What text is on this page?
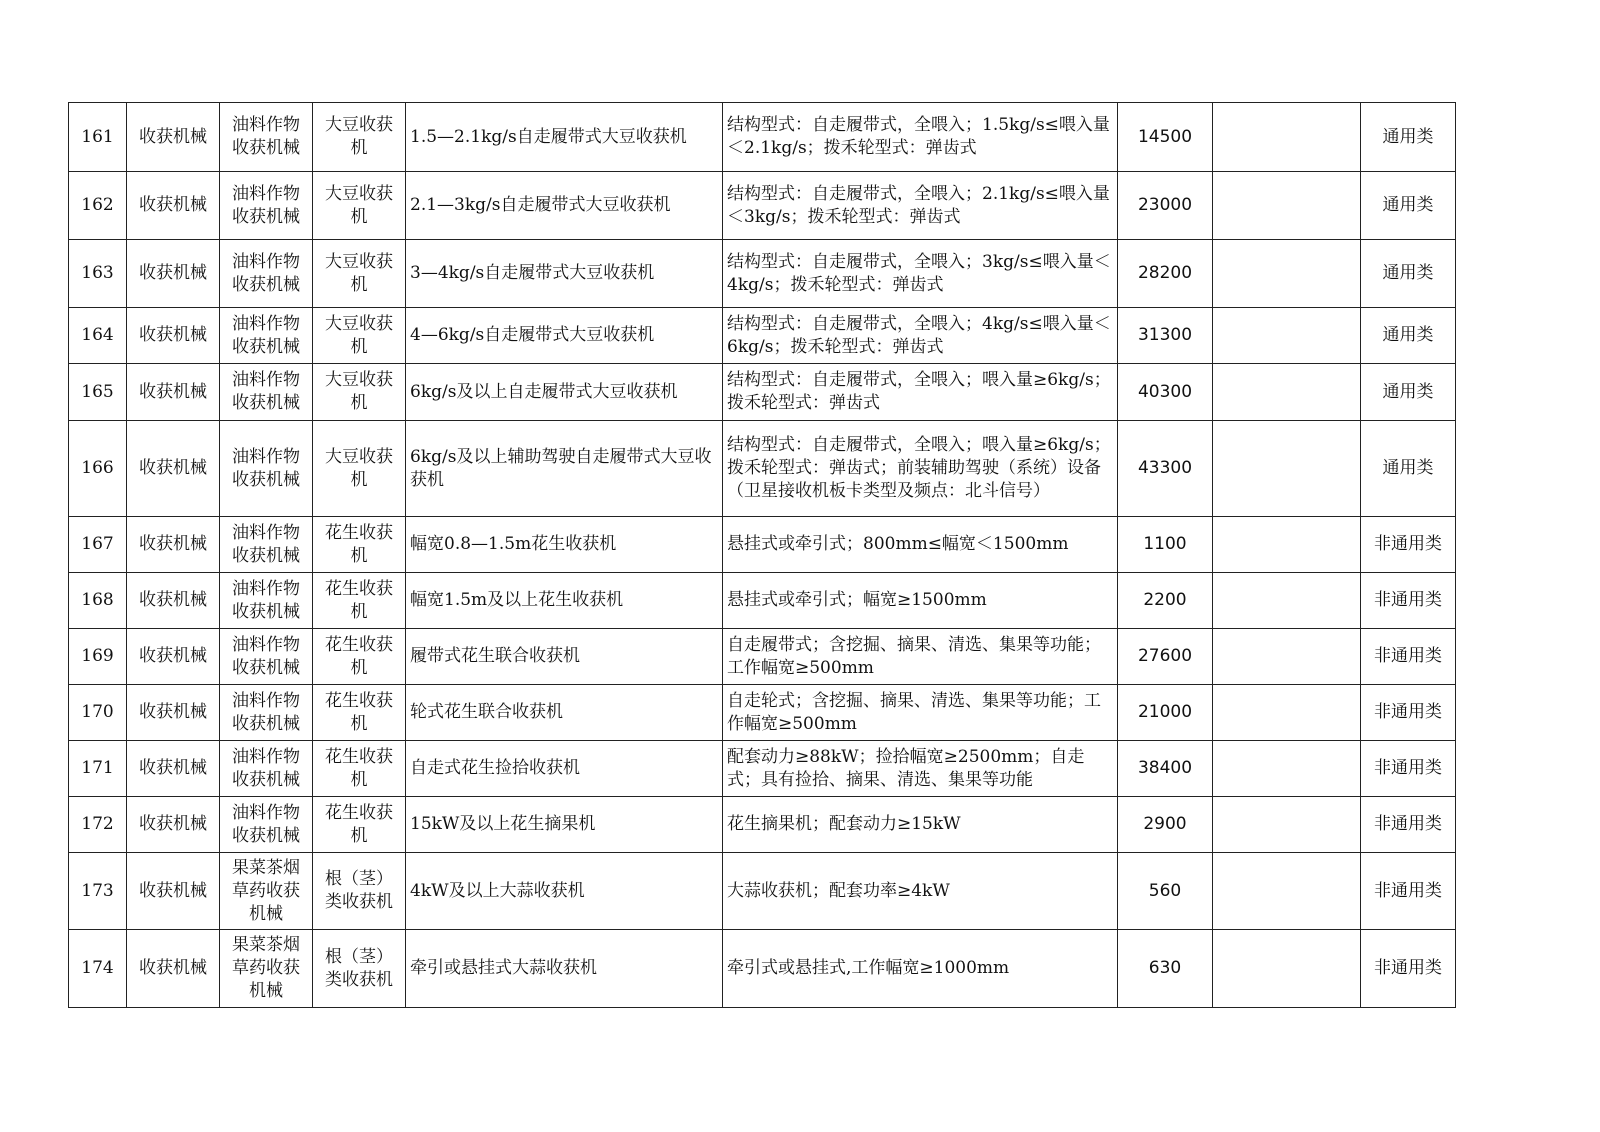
161	收获机械	油料作物收获机械	大豆收获机	1.5—2.1kg/s自走履带式大豆收获机	结构型式：自走履带式，全喂入；1.5kg/s≤喂入量＜2.1kg/s；拨禾轮型式：弹齿式	14500		通用类
162	收获机械	油料作物收获机械	大豆收获机	2.1—3kg/s自走履带式大豆收获机	结构型式：自走履带式，全喂入；2.1kg/s≤喂入量＜3kg/s；拨禾轮型式：弹齿式	23000		通用类
163	收获机械	油料作物收获机械	大豆收获机	3—4kg/s自走履带式大豆收获机	结构型式：自走履带式，全喂入；3kg/s≤喂入量＜4kg/s；拨禾轮型式：弹齿式	28200		通用类
164	收获机械	油料作物收获机械	大豆收获机	4—6kg/s自走履带式大豆收获机	结构型式：自走履带式，全喂入；4kg/s≤喂入量＜6kg/s；拨禾轮型式：弹齿式	31300		通用类
165	收获机械	油料作物收获机械	大豆收获机	6kg/s及以上自走履带式大豆收获机	结构型式：自走履带式，全喂入；喂入量≥6kg/s；拨禾轮型式：弹齿式	40300		通用类
166	收获机械	油料作物收获机械	大豆收获机	6kg/s及以上辅助驾驶自走履带式大豆收获机	结构型式：自走履带式，全喂入；喂入量≥6kg/s；拨禾轮型式：弹齿式；前装辅助驾驶（系统）设备（卫星接收机板卡类型及频点：北斗信号）	43300		通用类
167	收获机械	油料作物收获机械	花生收获机	幅宽0.8—1.5m花生收获机	悬挂式或牵引式；800mm≤幅宽＜1500mm	1100		非通用类
168	收获机械	油料作物收获机械	花生收获机	幅宽1.5m及以上花生收获机	悬挂式或牵引式；幅宽≥1500mm	2200		非通用类
169	收获机械	油料作物收获机械	花生收获机	履带式花生联合收获机	自走履带式；含挖掘、摘果、清选、集果等功能；工作幅宽≥500mm	27600		非通用类
170	收获机械	油料作物收获机械	花生收获机	轮式花生联合收获机	自走轮式；含挖掘、摘果、清选、集果等功能；工作幅宽≥500mm	21000		非通用类
171	收获机械	油料作物收获机械	花生收获机	自走式花生捡拾收获机	配套动力≥88kW；捡拾幅宽≥2500mm；自走式；具有捡拾、摘果、清选、集果等功能	38400		非通用类
172	收获机械	油料作物收获机械	花生收获机	15kW及以上花生摘果机	花生摘果机；配套动力≥15kW	2900		非通用类
173	收获机械	果菜茶烟草药收获机械	根（茎）类收获机	4kW及以上大蒜收获机	大蒜收获机；配套功率≥4kW	560		非通用类
174	收获机械	果菜茶烟草药收获机械	根（茎）类收获机	牵引或悬挂式大蒜收获机	牵引式或悬挂式,工作幅宽≥1000mm	630		非通用类
